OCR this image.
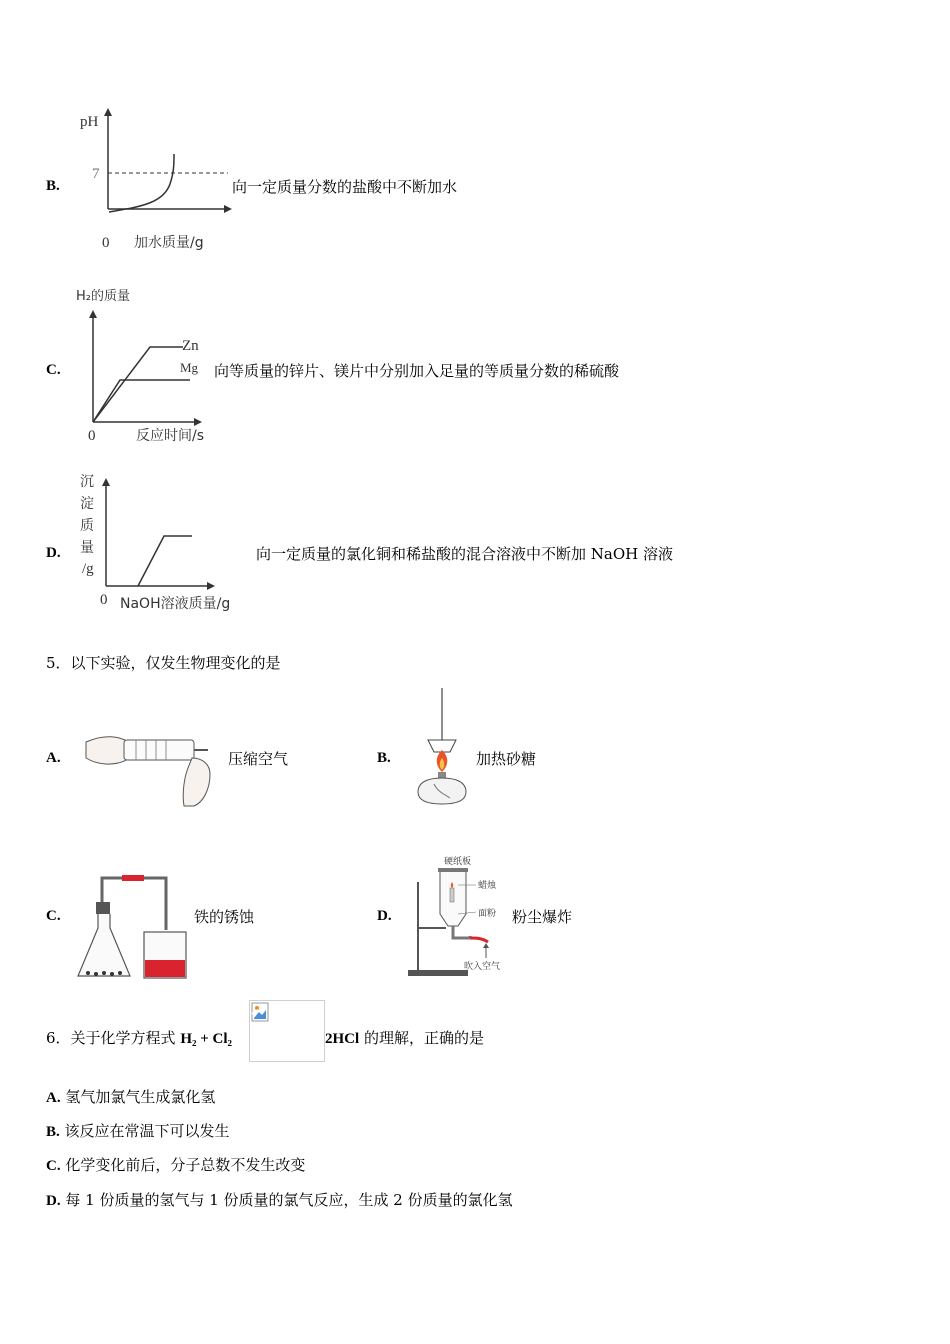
B.
pH
7
0 加水质量/g
向一定质量分数的盐酸中不断加水
C.
H₂的质量
Zn
Mg
0	反应时间/s
向等质量的锌片、镁片中分别加入足量的等质量分数的稀硫酸
D.
沉
淀
质
量
/g
0 NaOH溶液质量/g
向一定质量的氯化铜和稀盐酸的混合溶液中不断加 NaOH 溶液
5．以下实验，仅发生物理变化的是
A.	压缩空气	B.	加热砂糖
C.	铁的锈蚀	D.
硬纸板
蜡烛
面粉
吹入空气
粉尘爆炸
6．关于化学方程式 H₂ + Cl₂	2HCl 的理解，正确的是
A. 氢气加氯气生成氯化氢
B. 该反应在常温下可以发生
C. 化学变化前后，分子总数不发生改变
D. 每 1 份质量的氢气与 1 份质量的氯气反应，生成 2 份质量的氯化氢
